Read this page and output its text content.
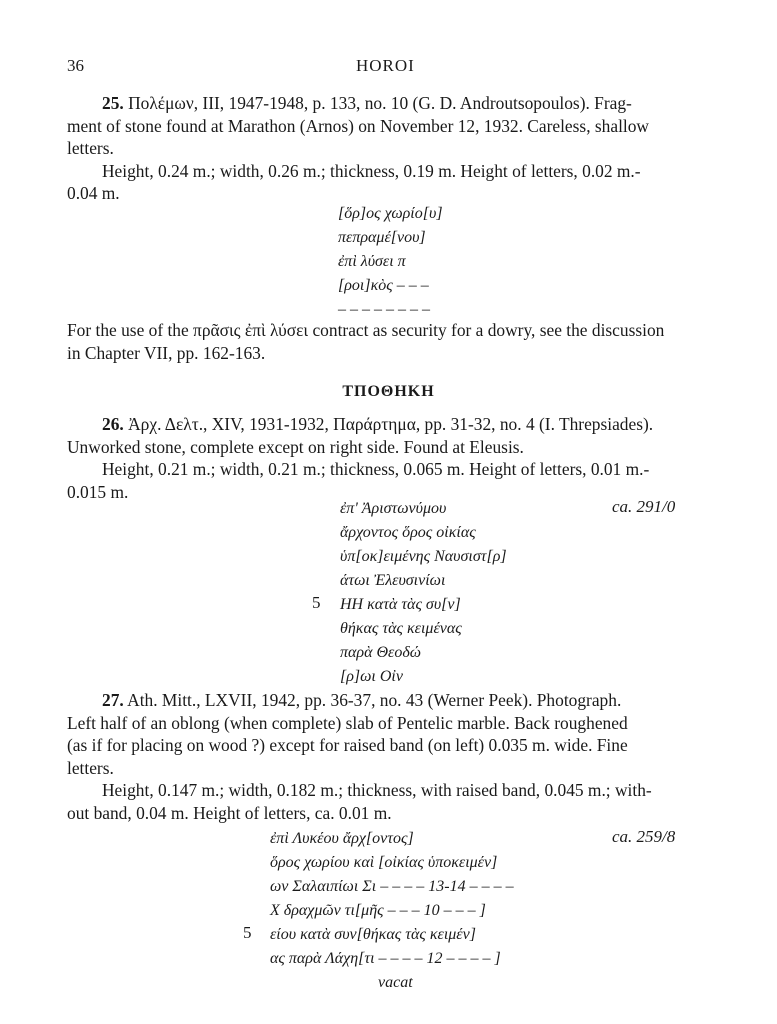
36	HOROI
25. Πολέμων, III, 1947-1948, p. 133, no. 10 (G. D. Androutsopoulos). Frag-
ment of stone found at Marathon (Arnos) on November 12, 1932. Careless, shallow
letters.
Height, 0.24 m.; width, 0.26 m.; thickness, 0.19 m. Height of letters, 0.02 m.-
0.04 m.
[ὅρ]ος χωρίο[υ]
πεπραμέ[νου]
ἐπὶ λύσει π
[ροι]κὸς – – –
– – – – – – – –
For the use of the πρᾶσις ἐπὶ λύσει contract as security for a dowry, see the discussion
in Chapter VII, pp. 162-163.
ΤΠΟΘΗΚΗ
26. Ἀρχ. Δελτ., XIV, 1931-1932, Παράρτημα, pp. 31-32, no. 4 (I. Threpsiades).
Unworked stone, complete except on right side. Found at Eleusis.
Height, 0.21 m.; width, 0.21 m.; thickness, 0.065 m. Height of letters, 0.01 m.-
0.015 m.
ca. 291/0
ἐπ' Ἀριστωνύμου
ἄρχοντος ὅρος οἰκίας
ὑπ[οκ]ειμένης Ναυσιστ[ρ]
άτωι Ἐλευσινίωι
ΗΗ κατὰ τὰς συ[ν]
θήκας τὰς κειμένας
παρὰ Θεοδώ
[ρ]ωι Οἰν
5
27. Ath. Mitt., LXVII, 1942, pp. 36-37, no. 43 (Werner Peek). Photograph.
Left half of an oblong (when complete) slab of Pentelic marble. Back roughened
(as if for placing on wood ?) except for raised band (on left) 0.035 m. wide. Fine
letters.
Height, 0.147 m.; width, 0.182 m.; thickness, with raised band, 0.045 m.; with-
out band, 0.04 m. Height of letters, ca. 0.01 m.
ca. 259/8
ἐπὶ Λυκέου ἄρχ[οντος]
ὅρος χωρίου καὶ [οἰκίας ὑποκειμέν]
ων Σαλαιπίωι Σι – – – – 13-14 – – – –
Χ δραχμῶν τι[μῆς – – – 10 – – – ]
είου κατὰ συν[θήκας τὰς κειμέν]
ας παρὰ Λάχη[τι – – – – 12 – – – – ]
vacat
5
